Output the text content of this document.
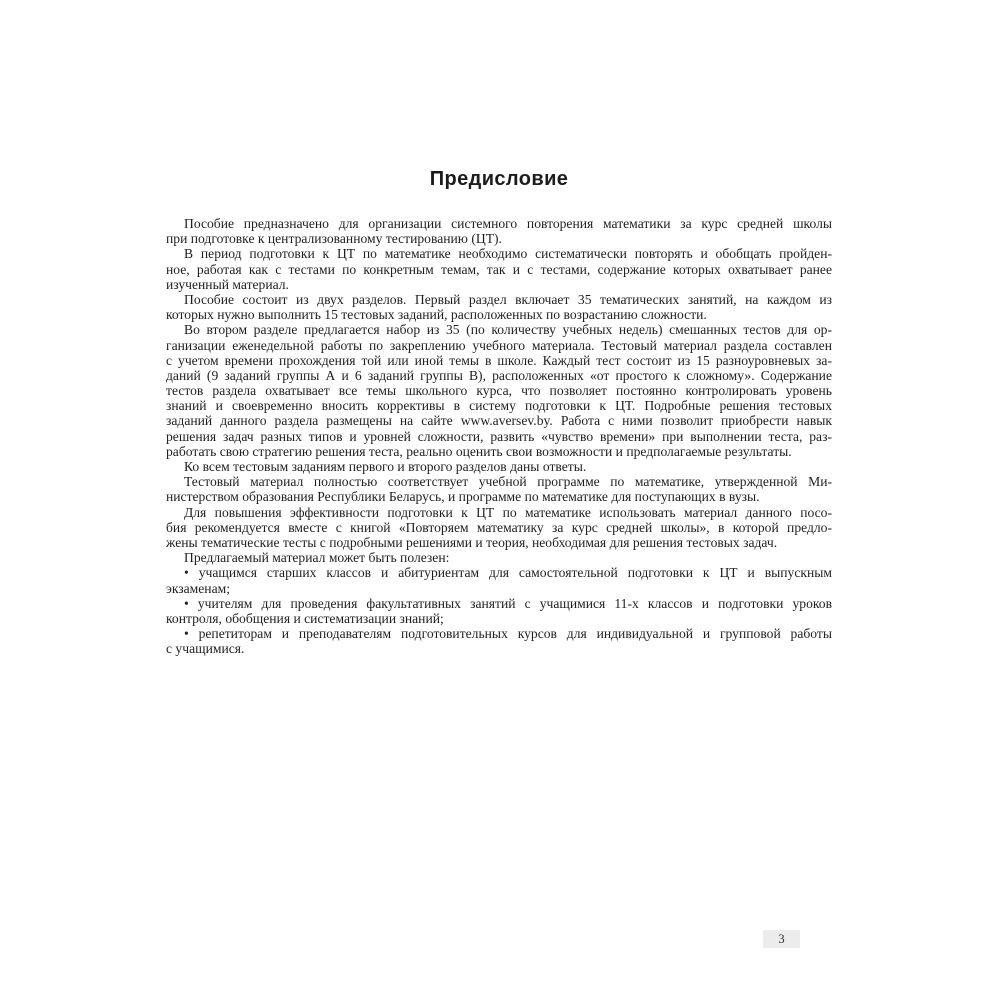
Предисловие
Пособие предназначено для организации системного повторения математики за курс средней школы
при подготовке к централизованному тестированию (ЦТ).
В период подготовки к ЦТ по математике необходимо систематически повторять и обобщать пройден-
ное, работая как с тестами по конкретным темам, так и с тестами, содержание которых охватывает ранее
изученный материал.
Пособие состоит из двух разделов. Первый раздел включает 35 тематических занятий, на каждом из
которых нужно выполнить 15 тестовых заданий, расположенных по возрастанию сложности.
Во втором разделе предлагается набор из 35 (по количеству учебных недель) смешанных тестов для ор-
ганизации еженедельной работы по закреплению учебного материала. Тестовый материал раздела составлен
с учетом времени прохождения той или иной темы в школе. Каждый тест состоит из 15 разноуровневых за-
даний (9 заданий группы А и 6 заданий группы В), расположенных «от простого к сложному». Содержание
тестов раздела охватывает все темы школьного курса, что позволяет постоянно контролировать уровень
знаний и своевременно вносить коррективы в систему подготовки к ЦТ. Подробные решения тестовых
заданий данного раздела размещены на сайте www.aversev.by. Работа с ними позволит приобрести навык
решения задач разных типов и уровней сложности, развить «чувство времени» при выполнении теста, раз-
работать свою стратегию решения теста, реально оценить свои возможности и предполагаемые результаты.
Ко всем тестовым заданиям первого и второго разделов даны ответы.
Тестовый материал полностью соответствует учебной программе по математике, утвержденной Ми-
нистерством образования Республики Беларусь, и программе по математике для поступающих в вузы.
Для повышения эффективности подготовки к ЦТ по математике использовать материал данного посо-
бия рекомендуется вместе с книгой «Повторяем математику за курс средней школы», в которой предло-
жены тематические тесты с подробными решениями и теория, необходимая для решения тестовых задач.
Предлагаемый материал может быть полезен:
• учащимся старших классов и абитуриентам для самостоятельной подготовки к ЦТ и выпускным
экзаменам;
• учителям для проведения факультативных занятий с учащимися 11-х классов и подготовки уроков
контроля, обобщения и систематизации знаний;
• репетиторам и преподавателям подготовительных курсов для индивидуальной и групповой работы
с учащимися.
3
